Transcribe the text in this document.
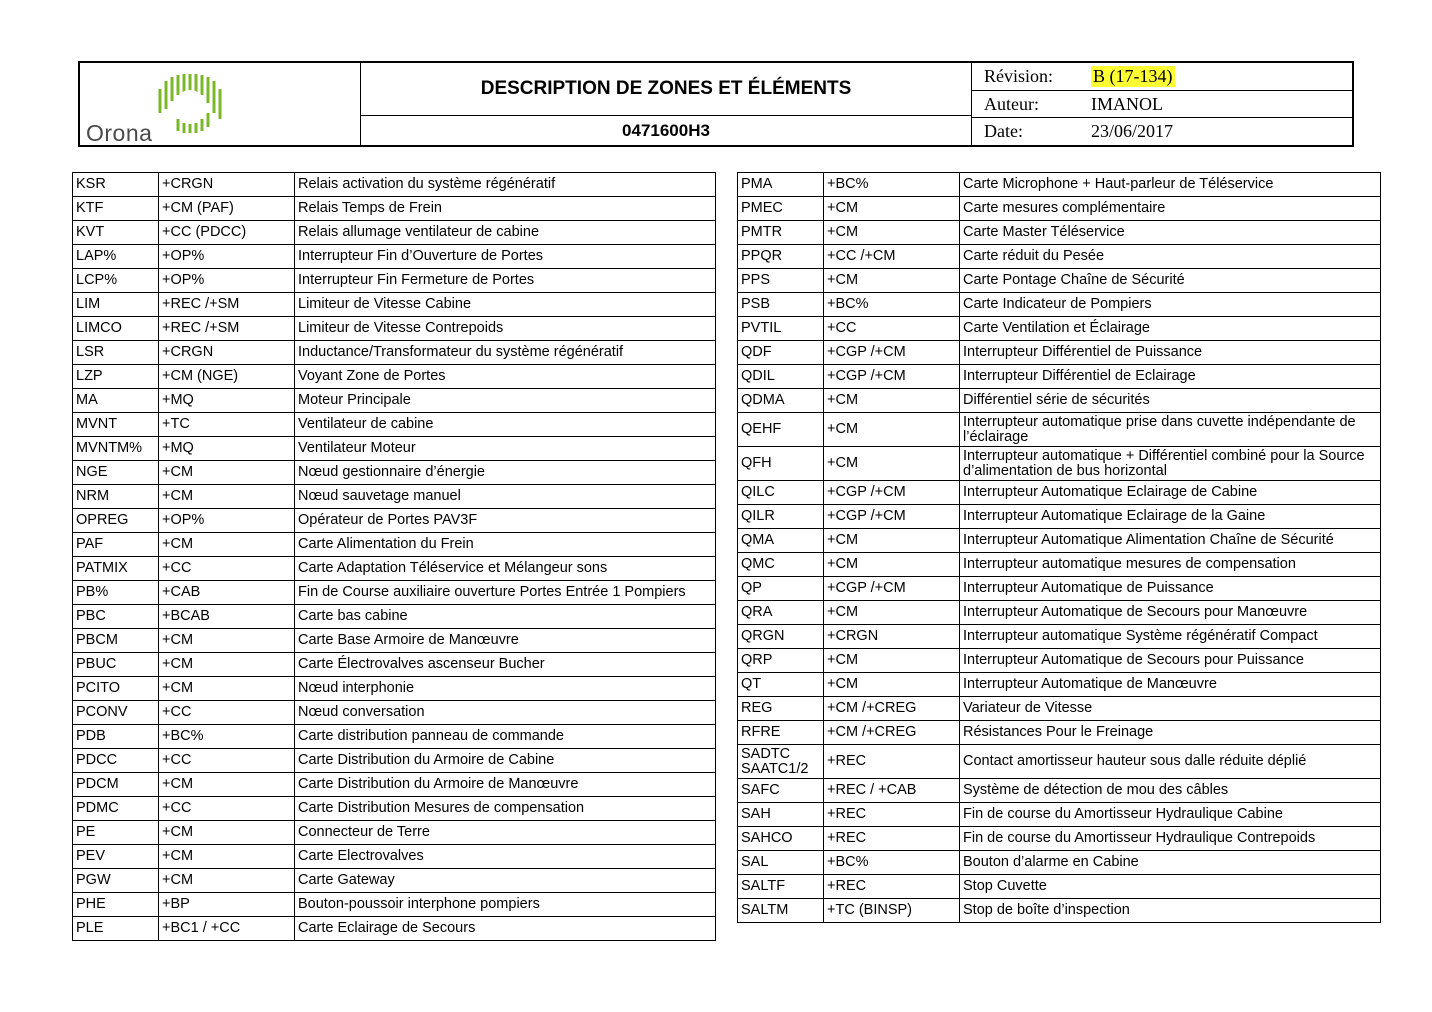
Orona
DESCRIPTION DE ZONES ET ÉLÉMENTS
0471600H3
Révision:	B (17-134)
Auteur:	IMANOL
Date:	23/06/2017
KSR	+CRGN	Relais activation du système régénératif
KTF	+CM (PAF)	Relais Temps de Frein
KVT	+CC (PDCC)	Relais allumage ventilateur de cabine
LAP%	+OP%	Interrupteur Fin d’Ouverture de Portes
LCP%	+OP%	Interrupteur Fin Fermeture de Portes
LIM	+REC /+SM	Limiteur de Vitesse Cabine
LIMCO	+REC /+SM	Limiteur de Vitesse Contrepoids
LSR	+CRGN	Inductance/Transformateur du système régénératif
LZP	+CM (NGE)	Voyant Zone de Portes
MA	+MQ	Moteur Principale
MVNT	+TC	Ventilateur de cabine
MVNTM%	+MQ	Ventilateur Moteur
NGE	+CM	Nœud gestionnaire d’énergie
NRM	+CM	Nœud sauvetage manuel
OPREG	+OP%	Opérateur de Portes PAV3F
PAF	+CM	Carte Alimentation du Frein
PATMIX	+CC	Carte Adaptation Téléservice et Mélangeur sons
PB%	+CAB	Fin de Course auxiliaire ouverture Portes Entrée 1 Pompiers
PBC	+BCAB	Carte bas cabine
PBCM	+CM	Carte Base Armoire de Manœuvre
PBUC	+CM	Carte Électrovalves ascenseur Bucher
PCITO	+CM	Nœud interphonie
PCONV	+CC	Nœud conversation
PDB	+BC%	Carte distribution panneau de commande
PDCC	+CC	Carte Distribution du Armoire de Cabine
PDCM	+CM	Carte Distribution du Armoire de Manœuvre
PDMC	+CC	Carte Distribution Mesures de compensation
PE	+CM	Connecteur de Terre
PEV	+CM	Carte Electrovalves
PGW	+CM	Carte Gateway
PHE	+BP	Bouton-poussoir interphone pompiers
PLE	+BC1 / +CC	Carte Eclairage de Secours
PMA	+BC%	Carte Microphone + Haut-parleur de Téléservice
PMEC	+CM	Carte mesures complémentaire
PMTR	+CM	Carte Master Téléservice
PPQR	+CC /+CM	Carte réduit du Pesée
PPS	+CM	Carte Pontage Chaîne de Sécurité
PSB	+BC%	Carte Indicateur de Pompiers
PVTIL	+CC	Carte Ventilation et Éclairage
QDF	+CGP /+CM	Interrupteur Différentiel de Puissance
QDIL	+CGP /+CM	Interrupteur Différentiel de Eclairage
QDMA	+CM	Différentiel série de sécurités
QEHF	+CM	Interrupteur automatique prise dans cuvette indépendante de l’éclairage
QFH	+CM	Interrupteur automatique + Différentiel combiné pour la Source d’alimentation de bus horizontal
QILC	+CGP /+CM	Interrupteur Automatique Eclairage de Cabine
QILR	+CGP /+CM	Interrupteur Automatique Eclairage de la Gaine
QMA	+CM	Interrupteur Automatique Alimentation Chaîne de Sécurité
QMC	+CM	Interrupteur automatique mesures de compensation
QP	+CGP /+CM	Interrupteur Automatique de Puissance
QRA	+CM	Interrupteur Automatique de Secours pour Manœuvre
QRGN	+CRGN	Interrupteur automatique Système régénératif Compact
QRP	+CM	Interrupteur Automatique de Secours pour Puissance
QT	+CM	Interrupteur Automatique de Manœuvre
REG	+CM /+CREG	Variateur de Vitesse
RFRE	+CM /+CREG	Résistances Pour le Freinage
SADTC SAATC1/2	+REC	Contact amortisseur hauteur sous dalle réduite déplié
SAFC	+REC / +CAB	Système de détection de mou des câbles
SAH	+REC	Fin de course du Amortisseur Hydraulique Cabine
SAHCO	+REC	Fin de course du Amortisseur Hydraulique Contrepoids
SAL	+BC%	Bouton d’alarme en Cabine
SALTF	+REC	Stop Cuvette
SALTM	+TC (BINSP)	Stop de boîte d’inspection
